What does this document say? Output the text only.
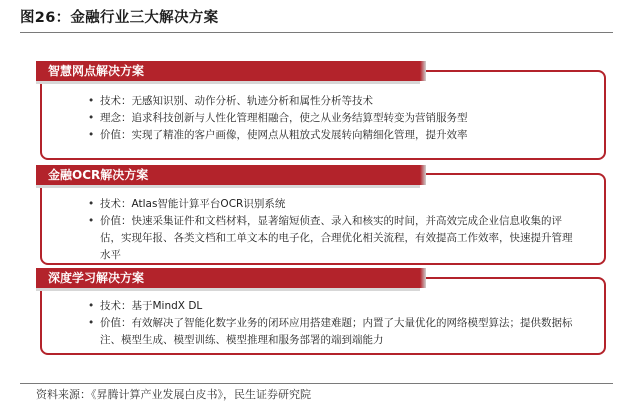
图26：金融行业三大解决方案
智慧网点解决方案
• 技术：无感知识别、动作分析、轨迹分析和属性分析等技术
• 理念：追求科技创新与人性化管理相融合，使之从业务结算型转变为营销服务型
• 价值：实现了精准的客户画像，使网点从粗放式发展转向精细化管理，提升效率
金融OCR解决方案
• 技术：Atlas智能计算平台OCR识别系统
• 价值：快速采集证件和文档材料，显著缩短侦查、录入和核实的时间，并高效完成企业信息收集的评估，实现年报、各类文档和工单文本的电子化，合理优化相关流程，有效提高工作效率，快速提升管理水平
深度学习解决方案
• 技术：基于MindX DL
• 价值：有效解决了智能化数字业务的闭环应用搭建难题；内置了大量优化的网络模型算法；提供数据标注、模型生成、模型训练、模型推理和服务部署的端到端能力
资料来源：《昇腾计算产业发展白皮书》，民生证券研究院
